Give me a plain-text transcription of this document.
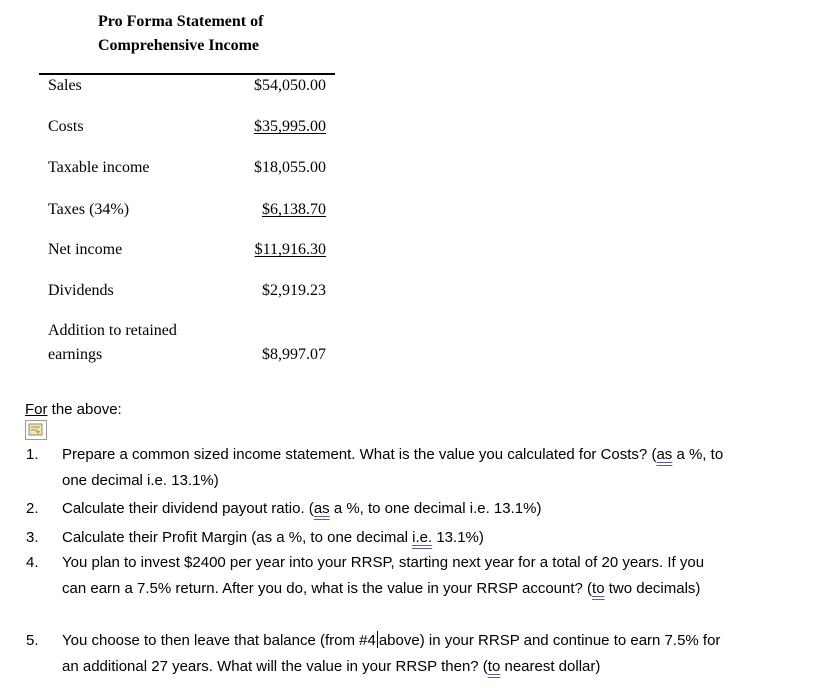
Pro Forma Statement of
Comprehensive Income
Sales	$54,050.00
Costs	$35,995.00
Taxable income	$18,055.00
Taxes (34%)	$6,138.70
Net income	$11,916.30
Dividends	$2,919.23
Addition to retained
earnings	$8,997.07
For the above:
1. Prepare a common sized income statement. What is the value you calculated for Costs? (as a %, to
one decimal i.e. 13.1%)
2. Calculate their dividend payout ratio. (as a %, to one decimal i.e. 13.1%)
3. Calculate their Profit Margin (as a %, to one decimal i.e. 13.1%)
4. You plan to invest $2400 per year into your RRSP, starting next year for a total of 20 years. If you
can earn a 7.5% return. After you do, what is the value in your RRSP account? (to two decimals)
5. You choose to then leave that balance (from #4 above) in your RRSP and continue to earn 7.5% for
an additional 27 years. What will the value in your RRSP then? (to nearest dollar)
